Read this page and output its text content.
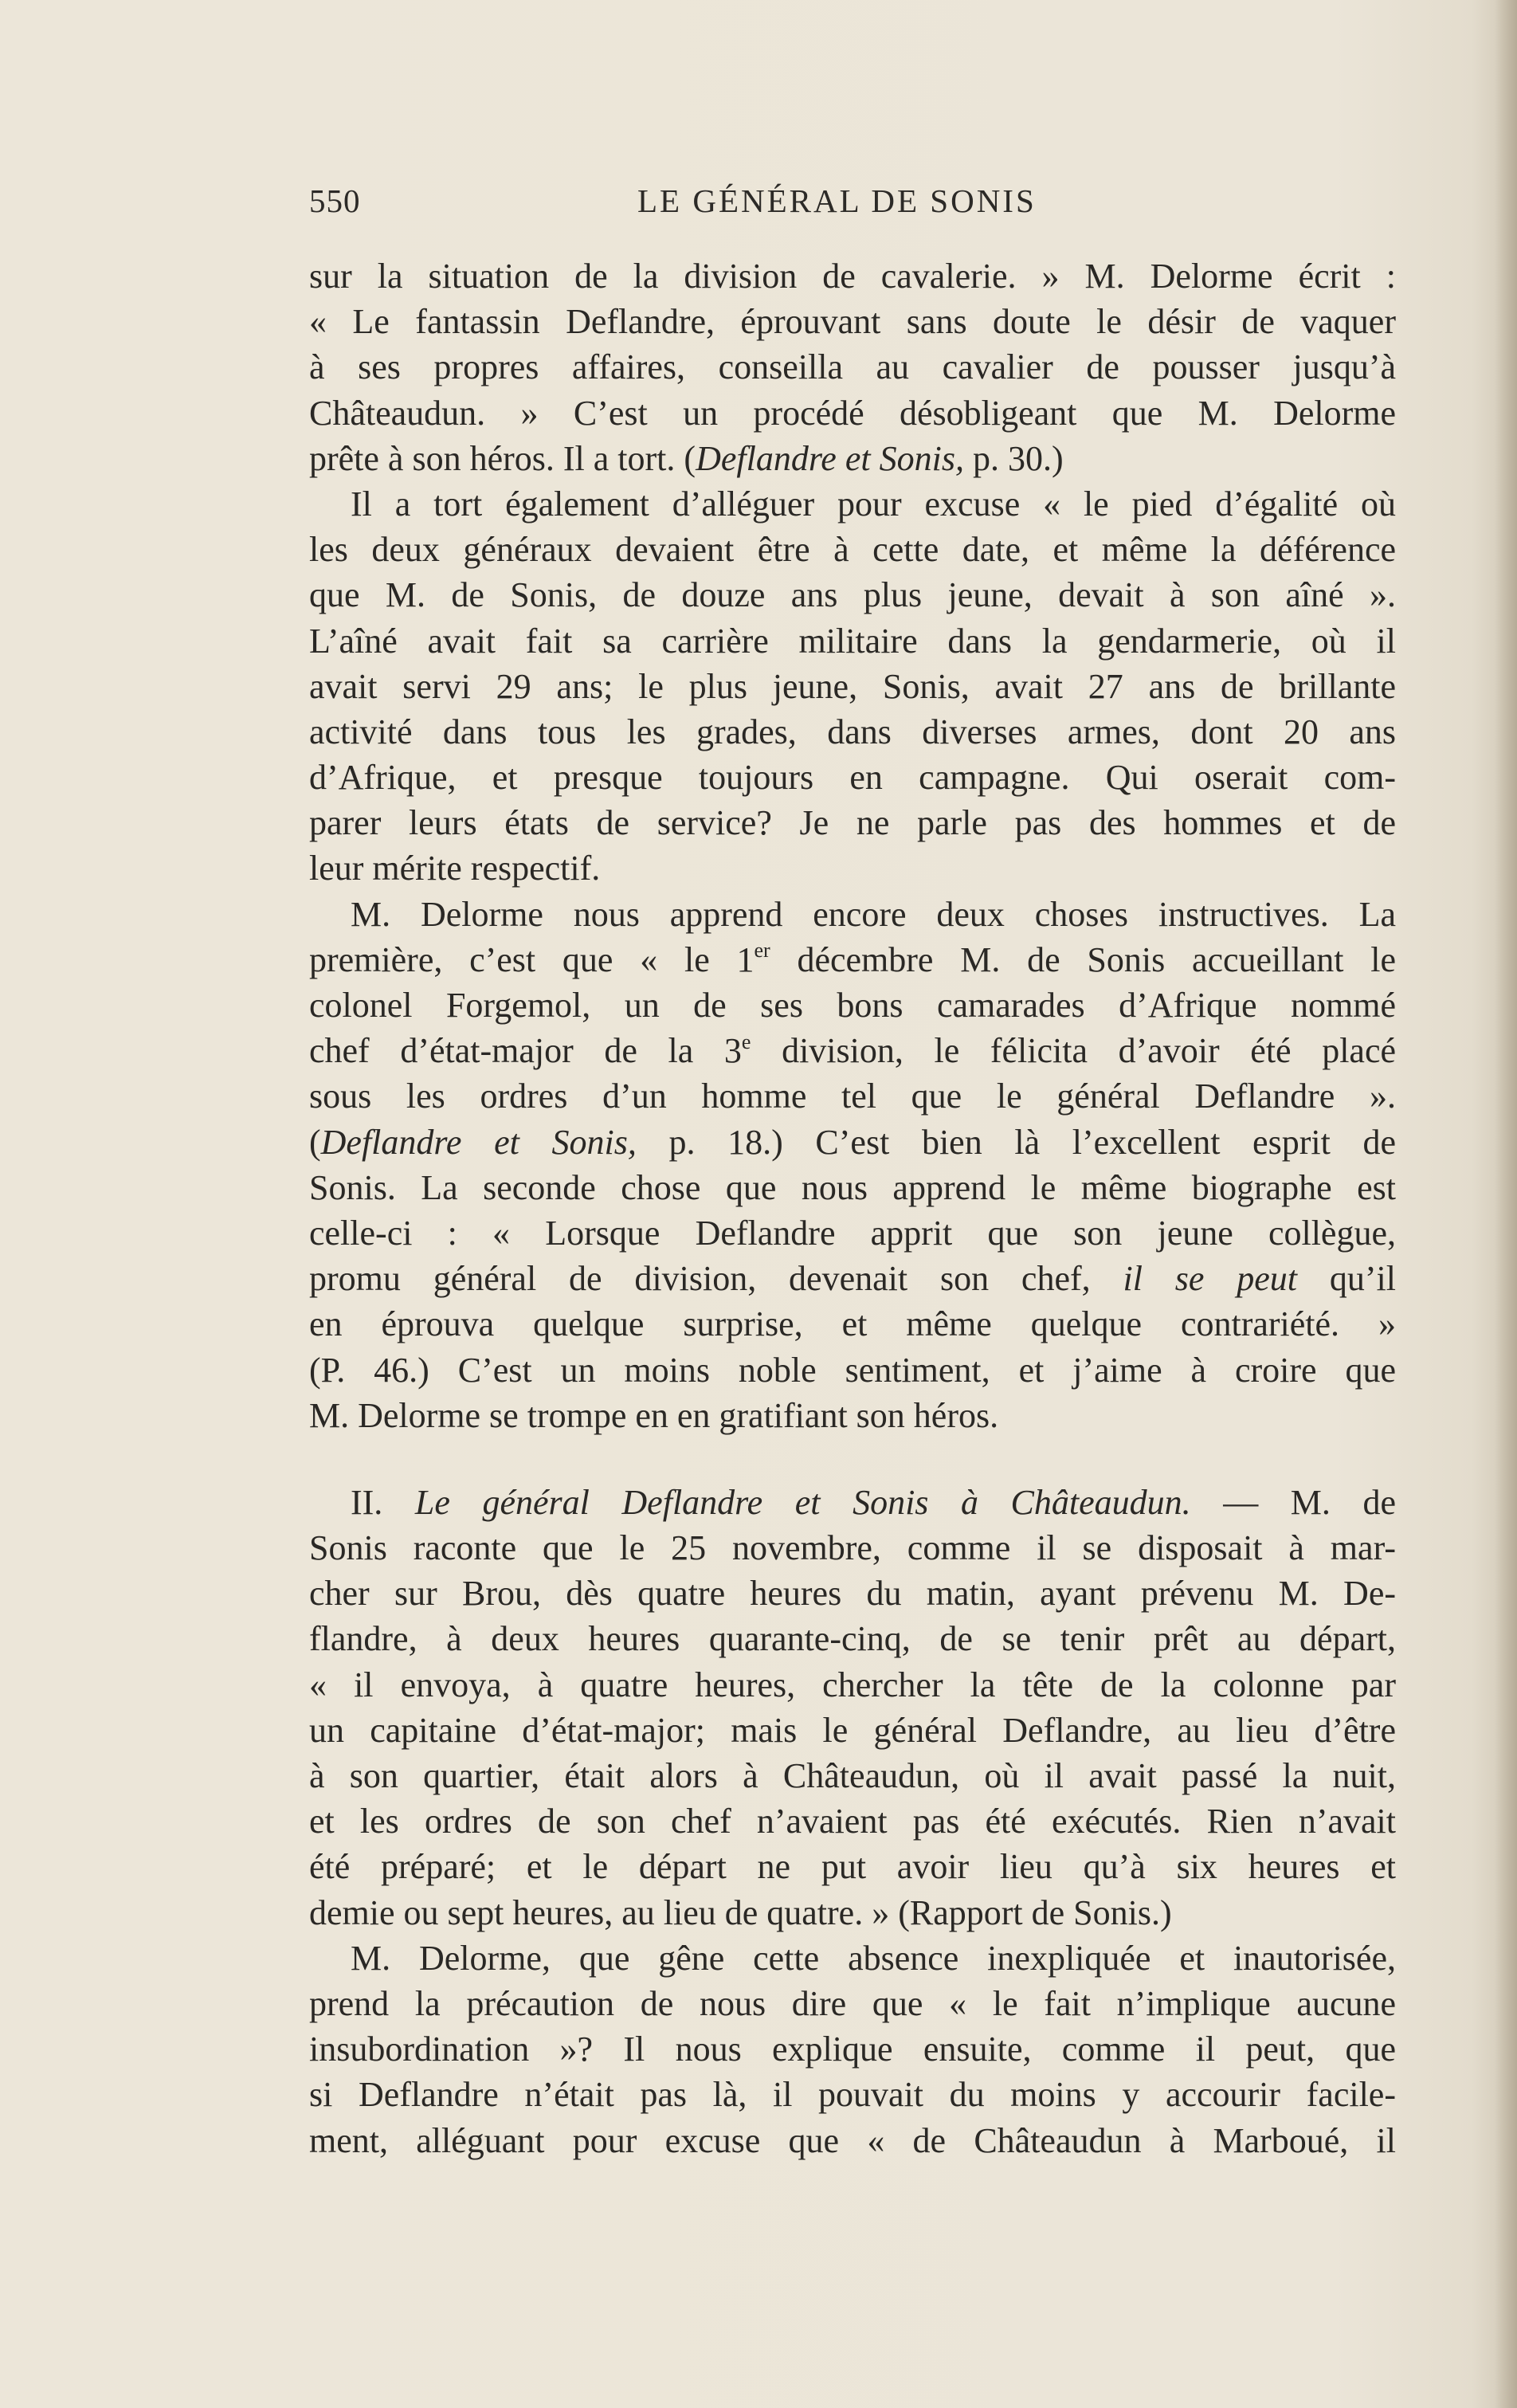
550	LE GÉNÉRAL DE SONIS
sur la situation de la division de cavalerie. » M. Delorme écrit :
« Le fantassin Deflandre, éprouvant sans doute le désir de vaquer
à ses propres affaires, conseilla au cavalier de pousser jusqu’à
Châteaudun. » C’est un procédé désobligeant que M. Delorme
prête à son héros. Il a tort. (Deflandre et Sonis, p. 30.)
Il a tort également d’alléguer pour excuse « le pied d’égalité où
les deux généraux devaient être à cette date, et même la déférence
que M. de Sonis, de douze ans plus jeune, devait à son aîné ».
L’aîné avait fait sa carrière militaire dans la gendarmerie, où il
avait servi 29 ans; le plus jeune, Sonis, avait 27 ans de brillante
activité dans tous les grades, dans diverses armes, dont 20 ans
d’Afrique, et presque toujours en campagne. Qui oserait com-
parer leurs états de service? Je ne parle pas des hommes et de
leur mérite respectif.
M. Delorme nous apprend encore deux choses instructives. La
première, c’est que « le 1er décembre M. de Sonis accueillant le
colonel Forgemol, un de ses bons camarades d’Afrique nommé
chef d’état-major de la 3e division, le félicita d’avoir été placé
sous les ordres d’un homme tel que le général Deflandre ».
(Deflandre et Sonis, p. 18.) C’est bien là l’excellent esprit de
Sonis. La seconde chose que nous apprend le même biographe est
celle-ci : « Lorsque Deflandre apprit que son jeune collègue,
promu général de division, devenait son chef, il se peut qu’il
en éprouva quelque surprise, et même quelque contrariété. »
(P. 46.) C’est un moins noble sentiment, et j’aime à croire que
M. Delorme se trompe en en gratifiant son héros.
II. Le général Deflandre et Sonis à Châteaudun. — M. de
Sonis raconte que le 25 novembre, comme il se disposait à mar-
cher sur Brou, dès quatre heures du matin, ayant prévenu M. De-
flandre, à deux heures quarante-cinq, de se tenir prêt au départ,
« il envoya, à quatre heures, chercher la tête de la colonne par
un capitaine d’état-major; mais le général Deflandre, au lieu d’être
à son quartier, était alors à Châteaudun, où il avait passé la nuit,
et les ordres de son chef n’avaient pas été exécutés. Rien n’avait
été préparé; et le départ ne put avoir lieu qu’à six heures et
demie ou sept heures, au lieu de quatre. » (Rapport de Sonis.)
M. Delorme, que gêne cette absence inexpliquée et inautorisée,
prend la précaution de nous dire que « le fait n’implique aucune
insubordination »? Il nous explique ensuite, comme il peut, que
si Deflandre n’était pas là, il pouvait du moins y accourir facile-
ment, alléguant pour excuse que « de Châteaudun à Marboué, il
